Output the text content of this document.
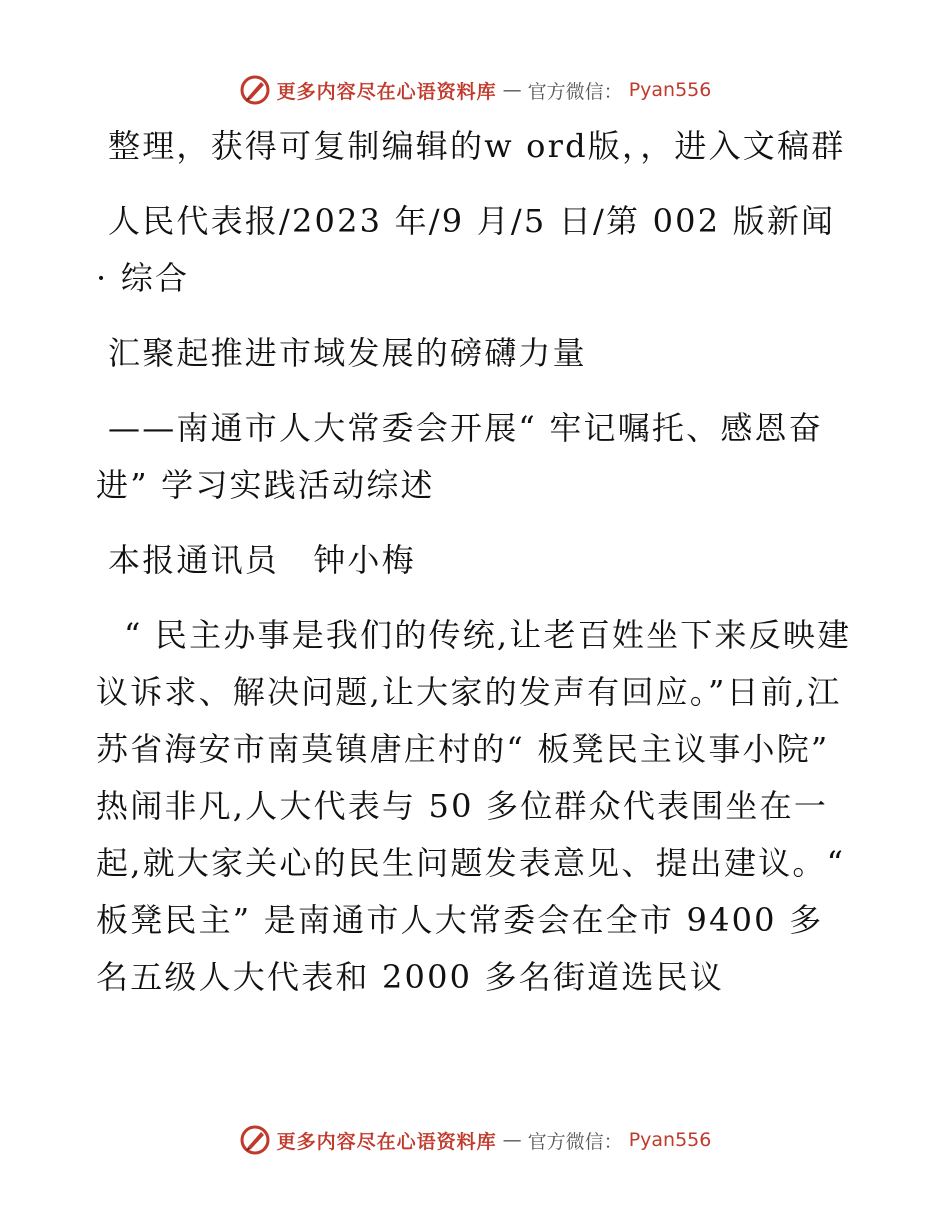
更多内容尽在心语资料库 — 官方微信： Pyan556

整理，获得可复制编辑的w ord版，，进入文稿群

人民代表报/2023 年/9 月/5 日/第 002 版新闻 · 综合

汇聚起推进市域发展的磅礴力量

——南通市人大常委会开展“ 牢记嘱托、感恩奋进” 学习实践活动综述

本报通讯员　钟小梅

“ 民主办事是我们的传统,让老百姓坐下来反映建议诉求、解决问题,让大家的发声有回应。”日前,江苏省海安市南莫镇唐庄村的“ 板凳民主议事小院” 热闹非凡,人大代表与 50 多位群众代表围坐在一起,就大家关心的民生问题发表意见、提出建议。“ 板凳民主” 是南通市人大常委会在全市 9400 多名五级人大代表和 2000 多名街道选民议

更多内容尽在心语资料库 — 官方微信： Pyan556
